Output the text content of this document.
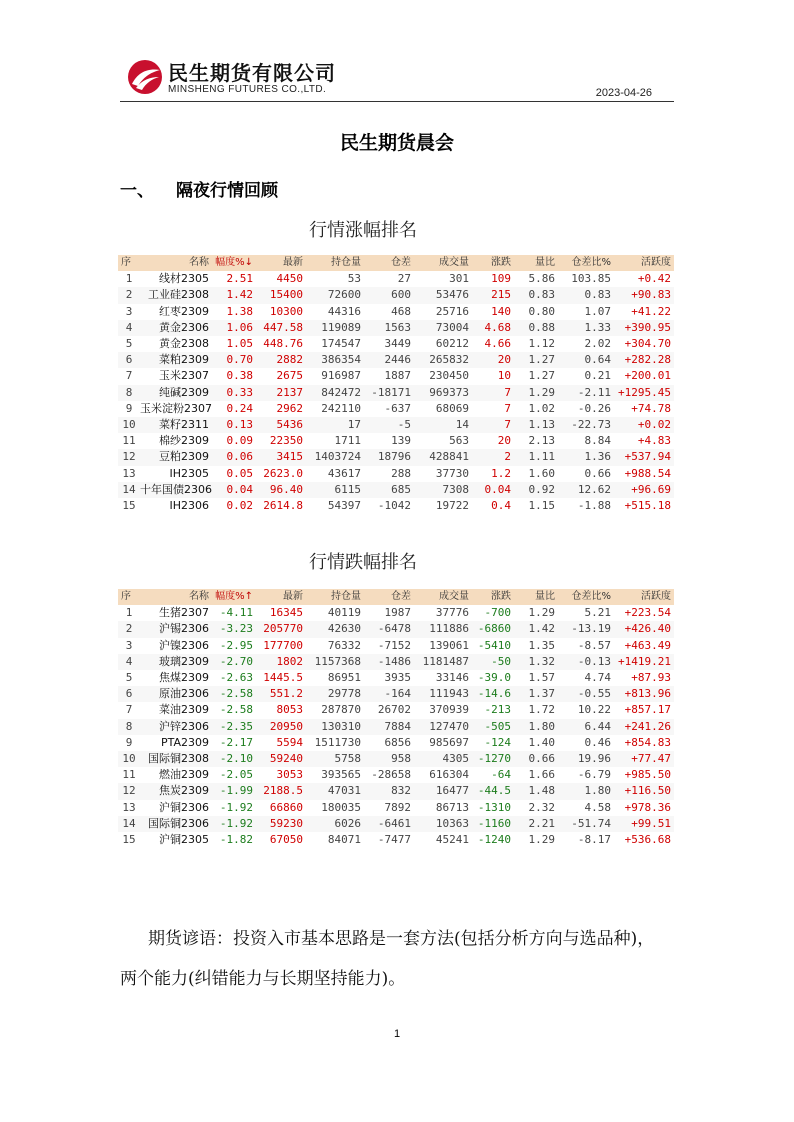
民生期货有限公司
MINSHENG FUTURES CO.,LTD.	2023-04-26
民生期货晨会
一、 隔夜行情回顾
行情涨幅排名
序	名称	幅度%↓	最新	持仓量	仓差	成交量	涨跌	量比	仓差比%	活跃度
1	线材2305	2.51	4450	53	27	301	109	5.86	103.85	+0.42
2	工业硅2308	1.42	15400	72600	600	53476	215	0.83	0.83	+90.83
3	红枣2309	1.38	10300	44316	468	25716	140	0.80	1.07	+41.22
4	黄金2306	1.06	447.58	119089	1563	73004	4.68	0.88	1.33	+390.95
5	黄金2308	1.05	448.76	174547	3449	60212	4.66	1.12	2.02	+304.70
6	菜粕2309	0.70	2882	386354	2446	265832	20	1.27	0.64	+282.28
7	玉米2307	0.38	2675	916987	1887	230450	10	1.27	0.21	+200.01
8	纯碱2309	0.33	2137	842472	-18171	969373	7	1.29	-2.11	+1295.45
9	玉米淀粉2307	0.24	2962	242110	-637	68069	7	1.02	-0.26	+74.78
10	菜籽2311	0.13	5436	17	-5	14	7	1.13	-22.73	+0.02
11	棉纱2309	0.09	22350	1711	139	563	20	2.13	8.84	+4.83
12	豆粕2309	0.06	3415	1403724	18796	428841	2	1.11	1.36	+537.94
13	IH2305	0.05	2623.0	43617	288	37730	1.2	1.60	0.66	+988.54
14	十年国债2306	0.04	96.40	6115	685	7308	0.04	0.92	12.62	+96.69
15	IH2306	0.02	2614.8	54397	-1042	19722	0.4	1.15	-1.88	+515.18
行情跌幅排名
序	名称	幅度%↑	最新	持仓量	仓差	成交量	涨跌	量比	仓差比%	活跃度
1	生猪2307	-4.11	16345	40119	1987	37776	-700	1.29	5.21	+223.54
2	沪锡2306	-3.23	205770	42630	-6478	111886	-6860	1.42	-13.19	+426.40
3	沪镍2306	-2.95	177700	76332	-7152	139061	-5410	1.35	-8.57	+463.49
4	玻璃2309	-2.70	1802	1157368	-1486	1181487	-50	1.32	-0.13	+1419.21
5	焦煤2309	-2.63	1445.5	86951	3935	33146	-39.0	1.57	4.74	+87.93
6	原油2306	-2.58	551.2	29778	-164	111943	-14.6	1.37	-0.55	+813.96
7	菜油2309	-2.58	8053	287870	26702	370939	-213	1.72	10.22	+857.17
8	沪锌2306	-2.35	20950	130310	7884	127470	-505	1.80	6.44	+241.26
9	PTA2309	-2.17	5594	1511730	6856	985697	-124	1.40	0.46	+854.83
10	国际铜2308	-2.10	59240	5758	958	4305	-1270	0.66	19.96	+77.47
11	燃油2309	-2.05	3053	393565	-28658	616304	-64	1.66	-6.79	+985.50
12	焦炭2309	-1.99	2188.5	47031	832	16477	-44.5	1.48	1.80	+116.50
13	沪铜2306	-1.92	66860	180035	7892	86713	-1310	2.32	4.58	+978.36
14	国际铜2306	-1.92	59230	6026	-6461	10363	-1160	2.21	-51.74	+99.51
15	沪铜2305	-1.82	67050	84071	-7477	45241	-1240	1.29	-8.17	+536.68
期货谚语：投资入市基本思路是一套方法(包括分析方向与选品种)，
两个能力(纠错能力与长期坚持能力)。
1
